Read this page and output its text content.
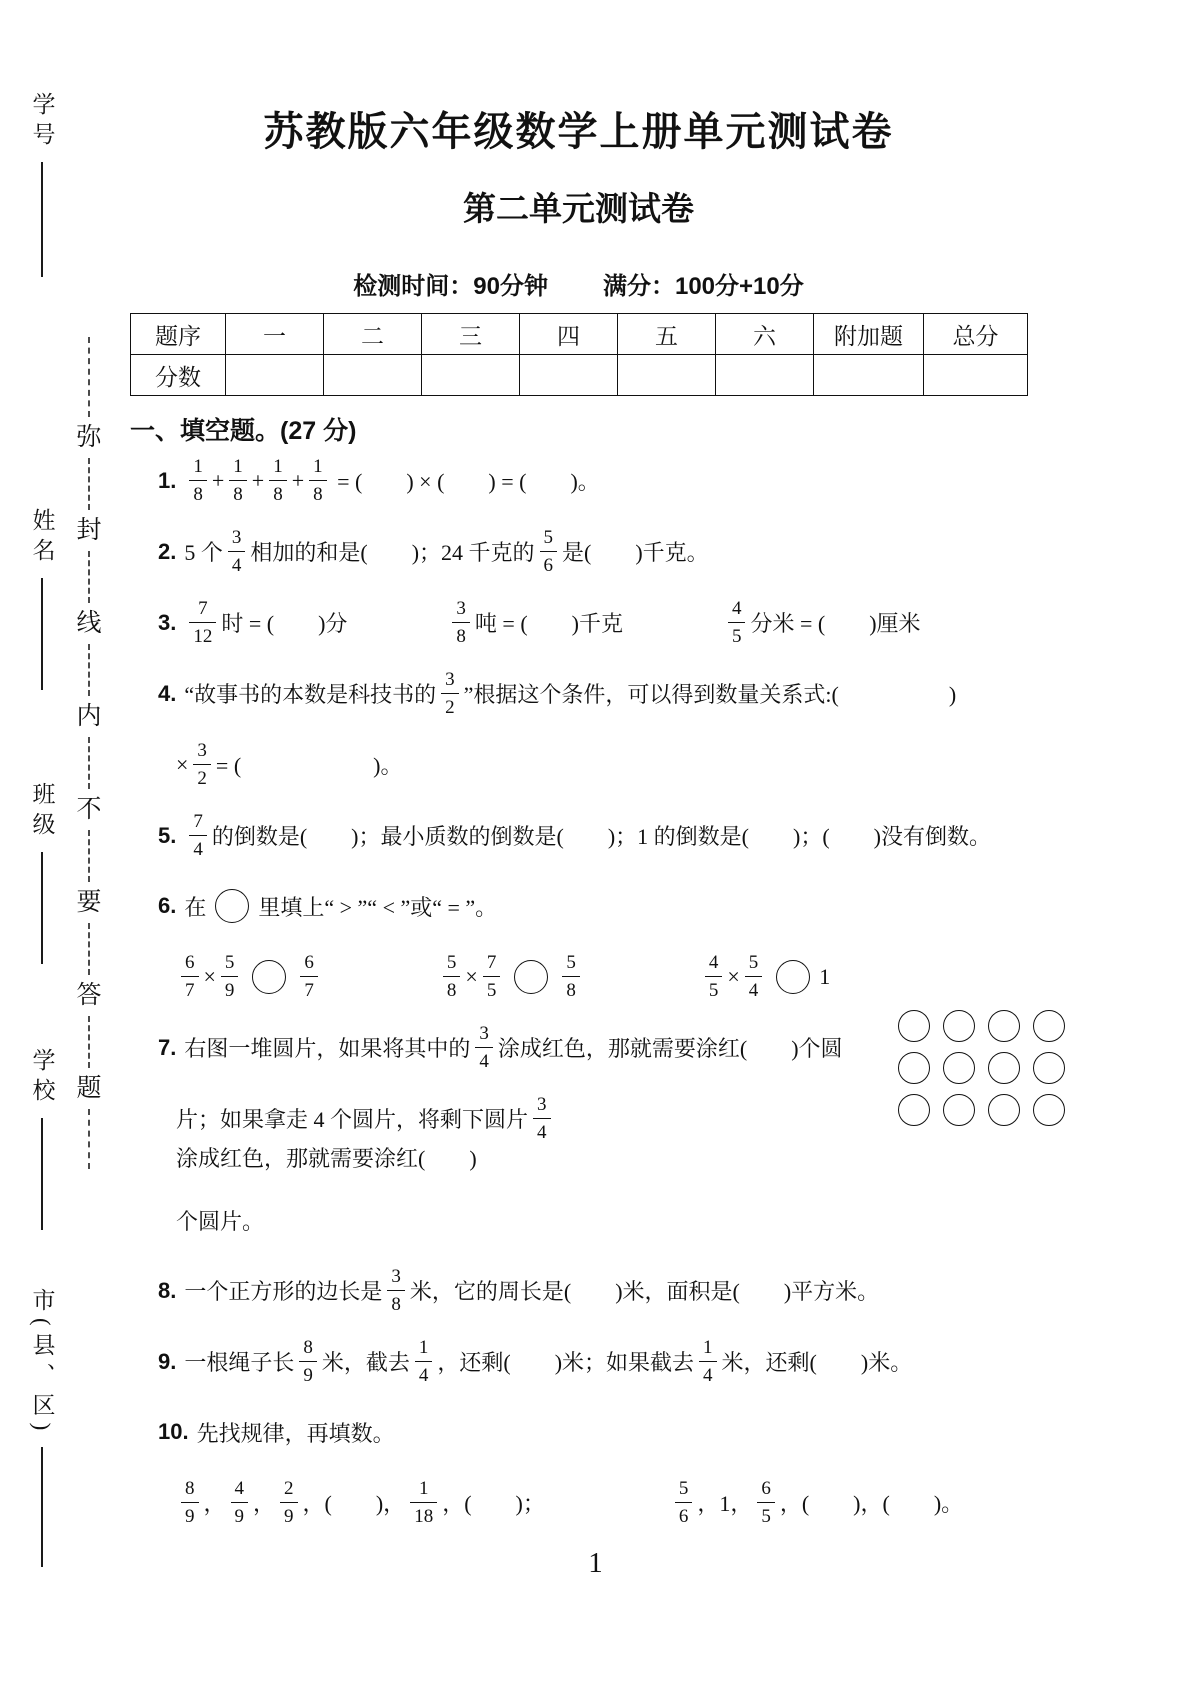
学号
姓名
班级
学校
市(县、区)
弥
封
线
内
不
要
答
题
苏教版六年级数学上册单元测试卷
第二单元测试卷
检测时间：90分钟 满分：100分+10分
题序	一	二	三	四	五	六	附加题	总分
分数								
一、填空题。(27 分)
1. $\frac{1}{8} + \frac{1}{8} + \frac{1}{8} + \frac{1}{8}$ = (　　) × (　　) = (　　)。
2. 5 个 $\frac{3}{4}$ 相加的和是(　　)；24 千克的 $\frac{5}{6}$ 是(　　)千克。
3. $\frac{7}{12}$ 时 = (　　)分	$\frac{3}{8}$ 吨 = (　　)千克	$\frac{4}{5}$ 分米 = (　　)厘米
4. “故事书的本数是科技书的 $\frac{3}{2}$ ”根据这个条件，可以得到数量关系式:(　　　　　)
× $\frac{3}{2}$ = (　　　　　　)。
5. $\frac{7}{4}$ 的倒数是(　　)；最小质数的倒数是(　　)；1 的倒数是(　　)；(　　)没有倒数。
6. 在 里填上“ > ”“ < ”或“ = ”。
$\frac{6}{7} \times \frac{5}{9}$	$\frac{6}{7}$	$\frac{5}{8} \times \frac{7}{5}$	$\frac{5}{8}$	$\frac{4}{5} \times \frac{5}{4}$	1
7. 右图一堆圆片，如果将其中的 $\frac{3}{4}$ 涂成红色，那就需要涂红(　　)个圆
片；如果拿走 4 个圆片，将剩下圆片 $\frac{3}{4}$
涂成红色，那就需要涂红(　　)
个圆片。
8. 一个正方形的边长是 $\frac{3}{8}$ 米，它的周长是(　　)米，面积是(　　)平方米。
9. 一根绳子长 $\frac{8}{9}$ 米，截去 $\frac{1}{4}$ ，还剩(　　)米；如果截去 $\frac{1}{4}$ 米，还剩(　　)米。
10. 先找规律，再填数。
$\frac{8}{9}$ ， $\frac{4}{9}$ ， $\frac{2}{9}$ ，(　　)， $\frac{1}{18}$ ，(　　)；	$\frac{5}{6}$ ，1， $\frac{6}{5}$ ，(　　)，(　　)。
1
